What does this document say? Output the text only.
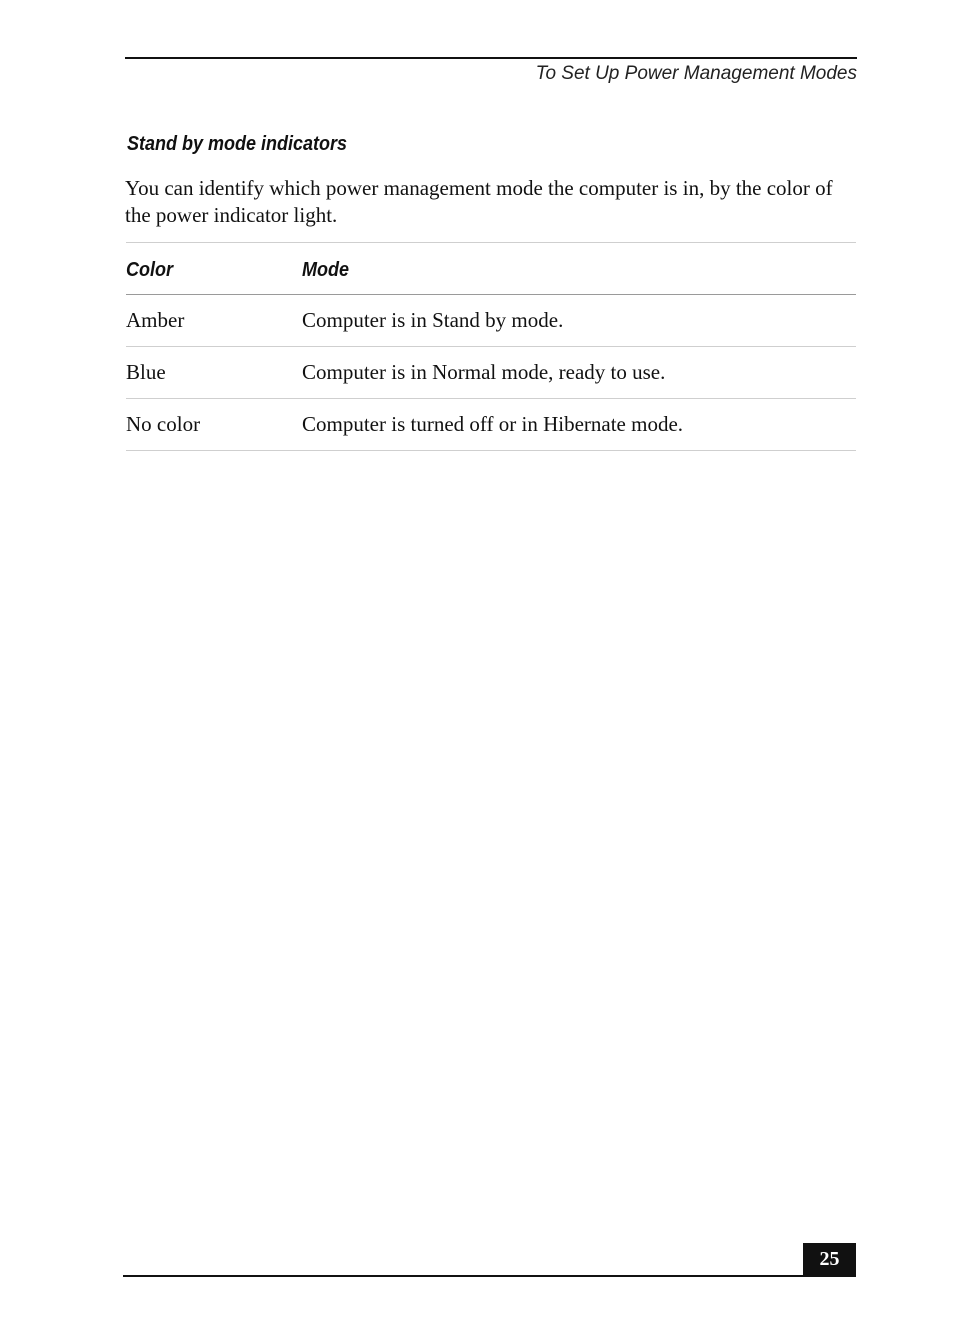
To Set Up Power Management Modes
Stand by mode indicators

You can identify which power management mode the computer is in, by the color of the power indicator light.

Color	Mode
Amber	Computer is in Stand by mode.
Blue	Computer is in Normal mode, ready to use.
No color	Computer is turned off or in Hibernate mode.
25
